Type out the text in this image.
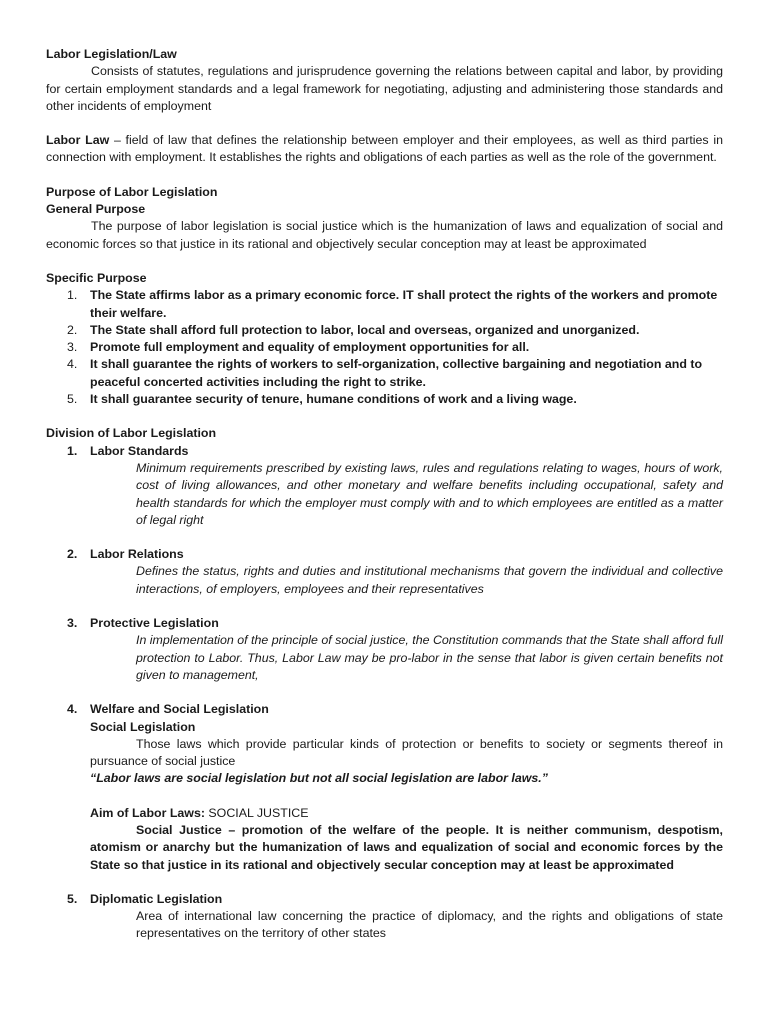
Labor Legislation/Law

Consists of statutes, regulations and jurisprudence governing the relations between capital and labor, by providing for certain employment standards and a legal framework for negotiating, adjusting and administering those standards and other incidents of employment

Labor Law – field of law that defines the relationship between employer and their employees, as well as third parties in connection with employment. It establishes the rights and obligations of each parties as well as the role of the government.

Purpose of Labor Legislation

General Purpose

The purpose of labor legislation is social justice which is the humanization of laws and equalization of social and economic forces so that justice in its rational and objectively secular conception may at least be approximated

Specific Purpose

1. The State affirms labor as a primary economic force. IT shall protect the rights of the workers and promote their welfare.
2. The State shall afford full protection to labor, local and overseas, organized and unorganized.
3. Promote full employment and equality of employment opportunities for all.
4. It shall guarantee the rights of workers to self-organization, collective bargaining and negotiation and to peaceful concerted activities including the right to strike.
5. It shall guarantee security of tenure, humane conditions of work and a living wage.

Division of Labor Legislation

1. Labor Standards

Minimum requirements prescribed by existing laws, rules and regulations relating to wages, hours of work, cost of living allowances, and other monetary and welfare benefits including occupational, safety and health standards for which the employer must comply with and to which employees are entitled as a matter of legal right

2. Labor Relations

Defines the status, rights and duties and institutional mechanisms that govern the individual and collective interactions, of employers, employees and their representatives

3. Protective Legislation

In implementation of the principle of social justice, the Constitution commands that the State shall afford full protection to Labor. Thus, Labor Law may be pro-labor in the sense that labor is given certain benefits not given to management,

4. Welfare and Social Legislation

Social Legislation

Those laws which provide particular kinds of protection or benefits to society or segments thereof in pursuance of social justice

“Labor laws are social legislation but not all social legislation are labor laws.”

Aim of Labor Laws: SOCIAL JUSTICE

Social Justice – promotion of the welfare of the people. It is neither communism, despotism, atomism or anarchy but the humanization of laws and equalization of social and economic forces by the State so that justice in its rational and objectively secular conception may at least be approximated

5. Diplomatic Legislation

Area of international law concerning the practice of diplomacy, and the rights and obligations of state representatives on the territory of other states
